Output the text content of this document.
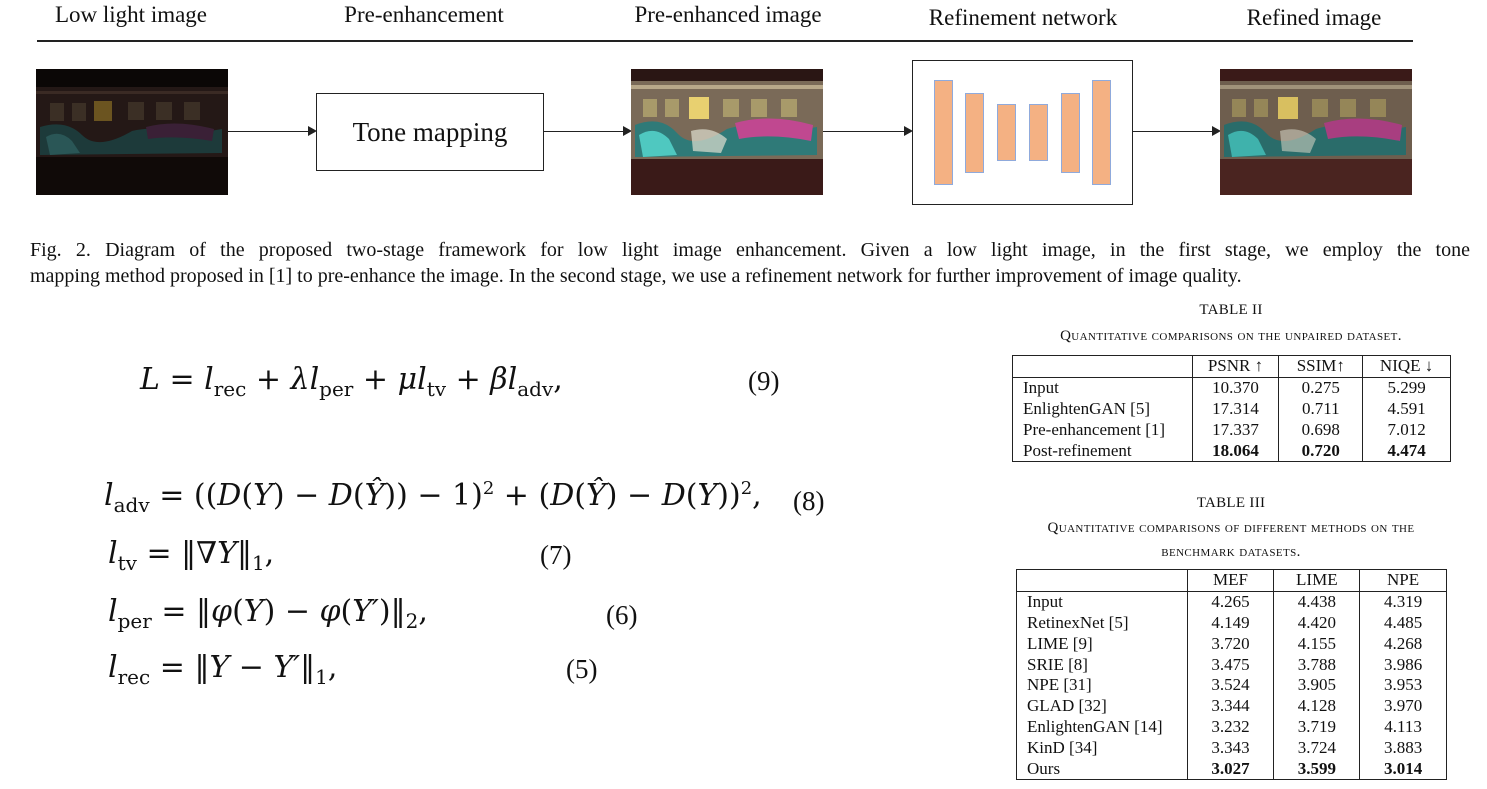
Low light image	Pre-enhancement	Pre-enhanced image	Refinement network	Refined image
Tone mapping
Fig. 2. Diagram of the proposed two-stage framework for low light image enhancement. Given a low light image, in the first stage, we employ the tone
mapping method proposed in [1] to pre-enhance the image. In the second stage, we use a refinement network for further improvement of image quality.
$L = l_{rec} + \lambda l_{per} + \mu l_{tv} + \beta l_{adv}$,	(9)
$l_{adv} = ((D(Y)$ − D(Ŷ)) − 1)$^2$ + (D(Ŷ) − D(Y))$^2$, (8)
$l_{tv}$ = $‖\nabla Y‖_1$,	(7)
$l_{per}$ = ‖φ(Y) − $\varphi(Y')‖_2$,	(6)
$l_{rec}$ = ‖Y − $Y'‖_1$,	(5)
TABLE II
Quantitative comparisons on the unpaired dataset.
	PSNR ↑	SSIM↑	NIQE ↓
Input	10.370	0.275	5.299
EnlightenGAN [5]	17.314	0.711	4.591
Pre-enhancement [1]	17.337	0.698	7.012
Post-refinement	18.064	0.720	4.474
TABLE III
Quantitative comparisons of different methods on the
benchmark datasets.
	MEF	LIME	NPE
Input	4.265	4.438	4.319
RetinexNet [5]	4.149	4.420	4.485
LIME [9]	3.720	4.155	4.268
SRIE [8]	3.475	3.788	3.986
NPE [31]	3.524	3.905	3.953
GLAD [32]	3.344	4.128	3.970
EnlightenGAN [14]	3.232	3.719	4.113
KinD [34]	3.343	3.724	3.883
Ours	3.027	3.599	3.014
